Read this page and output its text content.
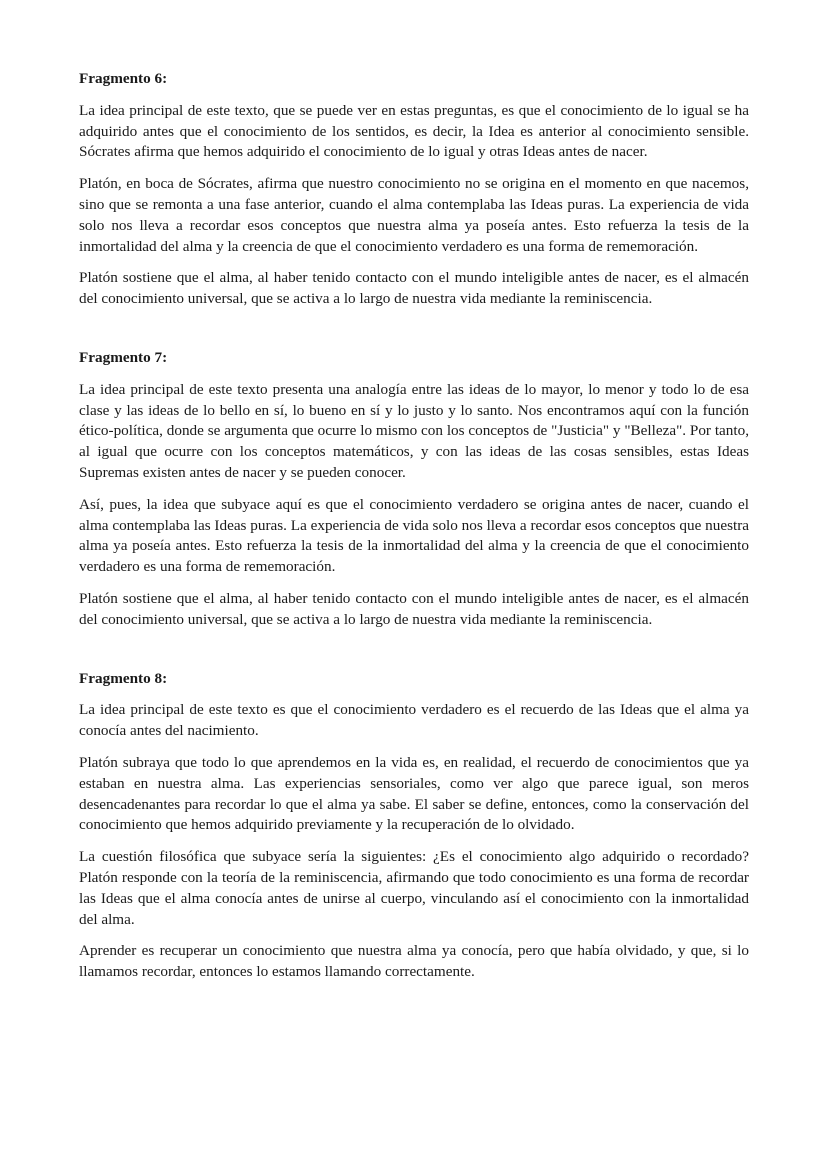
Fragmento 6:

La idea principal de este texto, que se puede ver en estas preguntas, es que el conocimiento de lo igual se ha adquirido antes que el conocimiento de los sentidos, es decir, la Idea es anterior al conocimiento sensible. Sócrates afirma que hemos adquirido el conocimiento de lo igual y otras Ideas antes de nacer.

Platón, en boca de Sócrates, afirma que nuestro conocimiento no se origina en el momento en que nacemos, sino que se remonta a una fase anterior, cuando el alma contemplaba las Ideas puras. La experiencia de vida solo nos lleva a recordar esos conceptos que nuestra alma ya poseía antes. Esto refuerza la tesis de la inmortalidad del alma y la creencia de que el conocimiento verdadero es una forma de rememoración.

Platón sostiene que el alma, al haber tenido contacto con el mundo inteligible antes de nacer, es el almacén del conocimiento universal, que se activa a lo largo de nuestra vida mediante la reminiscencia.

Fragmento 7:

La idea principal de este texto presenta una analogía entre las ideas de lo mayor, lo menor y todo lo de esa clase y las ideas de lo bello en sí, lo bueno en sí y lo justo y lo santo. Nos encontramos aquí con la función ético-política, donde se argumenta que ocurre lo mismo con los conceptos de "Justicia" y "Belleza". Por tanto, al igual que ocurre con los conceptos matemáticos, y con las ideas de las cosas sensibles, estas Ideas Supremas existen antes de nacer y se pueden conocer.

Así, pues, la idea que subyace aquí es que el conocimiento verdadero se origina antes de nacer, cuando el alma contemplaba las Ideas puras. La experiencia de vida solo nos lleva a recordar esos conceptos que nuestra alma ya poseía antes. Esto refuerza la tesis de la inmortalidad del alma y la creencia de que el conocimiento verdadero es una forma de rememoración.

Platón sostiene que el alma, al haber tenido contacto con el mundo inteligible antes de nacer, es el almacén del conocimiento universal, que se activa a lo largo de nuestra vida mediante la reminiscencia.

Fragmento 8:

La idea principal de este texto es que el conocimiento verdadero es el recuerdo de las Ideas que el alma ya conocía antes del nacimiento.

Platón subraya que todo lo que aprendemos en la vida es, en realidad, el recuerdo de conocimientos que ya estaban en nuestra alma. Las experiencias sensoriales, como ver algo que parece igual, son meros desencadenantes para recordar lo que el alma ya sabe. El saber se define, entonces, como la conservación del conocimiento que hemos adquirido previamente y la recuperación de lo olvidado.

La cuestión filosófica que subyace sería la siguientes: ¿Es el conocimiento algo adquirido o recordado? Platón responde con la teoría de la reminiscencia, afirmando que todo conocimiento es una forma de recordar las Ideas que el alma conocía antes de unirse al cuerpo, vinculando así el conocimiento con la inmortalidad del alma.

Aprender es recuperar un conocimiento que nuestra alma ya conocía, pero que había olvidado, y que, si lo llamamos recordar, entonces lo estamos llamando correctamente.
